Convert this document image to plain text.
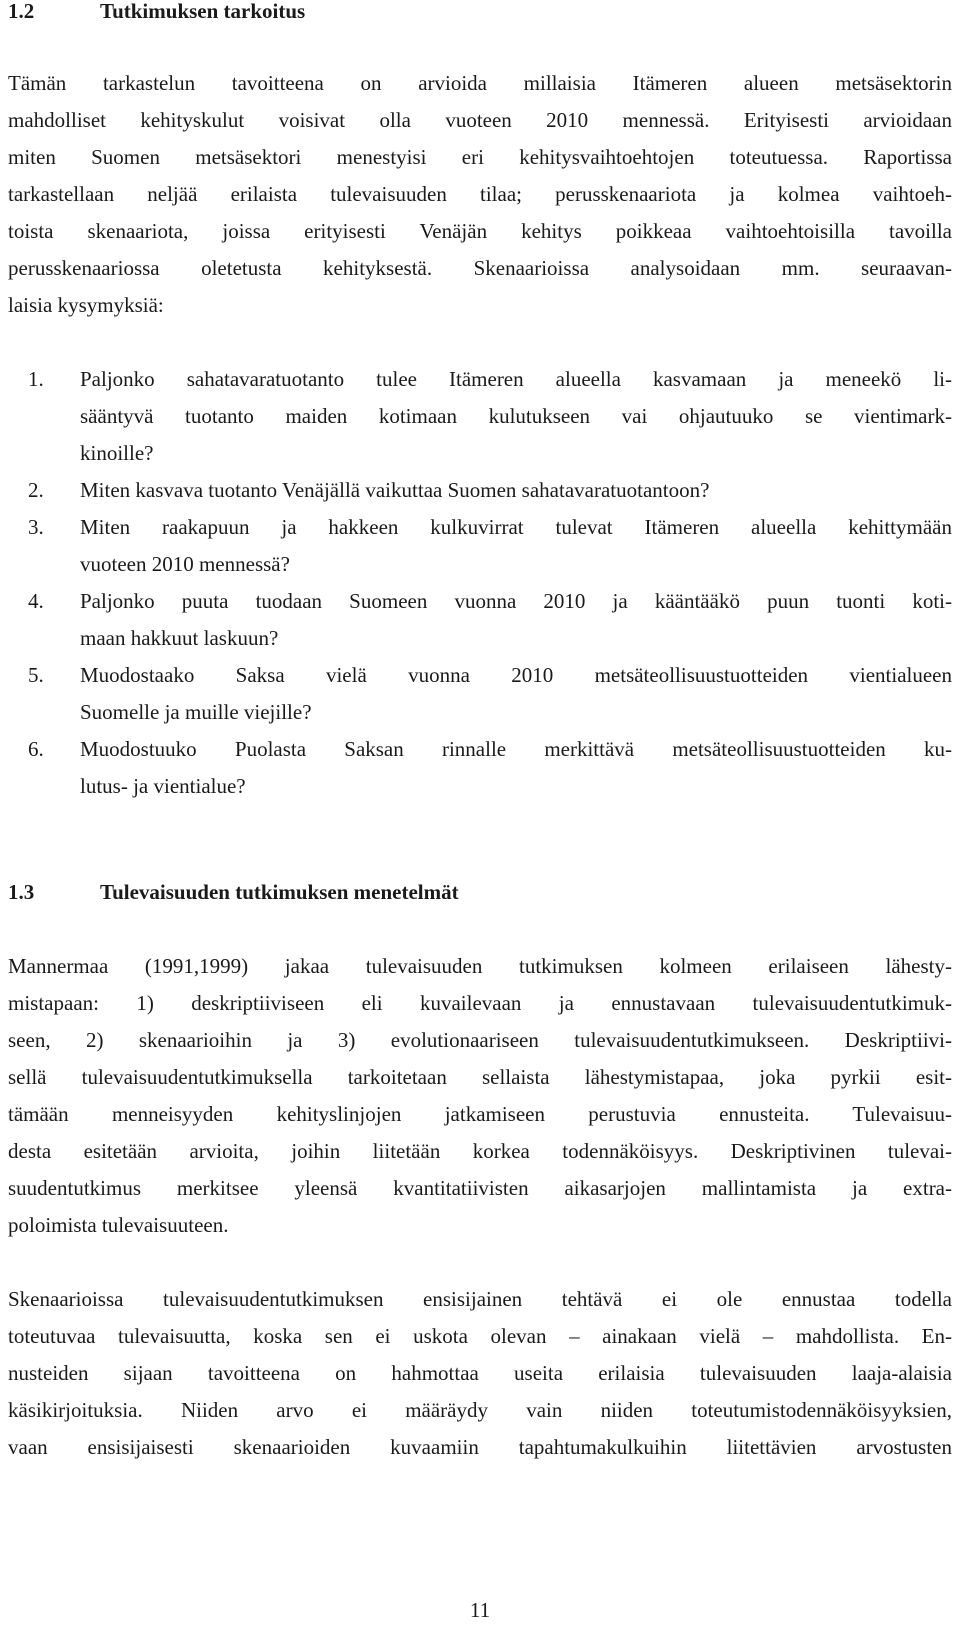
1.2	Tutkimuksen tarkoitus
Tämän tarkastelun tavoitteena on arvioida millaisia Itämeren alueen metsäsektorin
mahdolliset kehityskulut voisivat olla vuoteen 2010 mennessä. Erityisesti arvioidaan
miten Suomen metsäsektori menestyisi eri kehitysvaihtoehtojen toteutuessa. Raportissa
tarkastellaan neljää erilaista tulevaisuuden tilaa; perusskenaariota ja kolmea vaihtoeh-
toista skenaariota, joissa erityisesti Venäjän kehitys poikkeaa vaihtoehtoisilla tavoilla
perusskenaariossa oletetusta kehityksestä. Skenaarioissa analysoidaan mm. seuraavan-
laisia kysymyksiä:
1. Paljonko sahatavaratuotanto tulee Itämeren alueella kasvamaan ja meneekö li-
sääntyvä tuotanto maiden kotimaan kulutukseen vai ohjautuuko se vientimark-
kinoille?
2. Miten kasvava tuotanto Venäjällä vaikuttaa Suomen sahatavaratuotantoon?
3. Miten raakapuun ja hakkeen kulkuvirrat tulevat Itämeren alueella kehittymään
vuoteen 2010 mennessä?
4. Paljonko puuta tuodaan Suomeen vuonna 2010 ja kääntääkö puun tuonti koti-
maan hakkuut laskuun?
5. Muodostaako Saksa vielä vuonna 2010 metsäteollisuustuotteiden vientialueen
Suomelle ja muille viejille?
6. Muodostuuko Puolasta Saksan rinnalle merkittävä metsäteollisuustuotteiden ku-
lutus- ja vientialue?
1.3	Tulevaisuuden tutkimuksen menetelmät
Mannermaa (1991,1999) jakaa tulevaisuuden tutkimuksen kolmeen erilaiseen lähesty-
mistapaan: 1) deskriptiiviseen eli kuvailevaan ja ennustavaan tulevaisuudentutkimuk-
seen, 2) skenaarioihin ja 3) evolutionaariseen tulevaisuudentutkimukseen. Deskriptiivi-
sellä tulevaisuudentutkimuksella tarkoitetaan sellaista lähestymistapaa, joka pyrkii esit-
tämään menneisyyden kehityslinjojen jatkamiseen perustuvia ennusteita. Tulevaisuu-
desta esitetään arvioita, joihin liitetään korkea todennäköisyys. Deskriptivinen tulevai-
suudentutkimus merkitsee yleensä kvantitatiivisten aikasarjojen mallintamista ja extra-
poloimista tulevaisuuteen.
Skenaarioissa tulevaisuudentutkimuksen ensisijainen tehtävä ei ole ennustaa todella
toteutuvaa tulevaisuutta, koska sen ei uskota olevan – ainakaan vielä – mahdollista. En-
nusteiden sijaan tavoitteena on hahmottaa useita erilaisia tulevaisuuden laaja-alaisia
käsikirjoituksia. Niiden arvo ei määräydy vain niiden toteutumistodennäköisyyksien,
vaan ensisijaisesti skenaarioiden kuvaamiin tapahtumakulkuihin liitettävien arvostusten
11
